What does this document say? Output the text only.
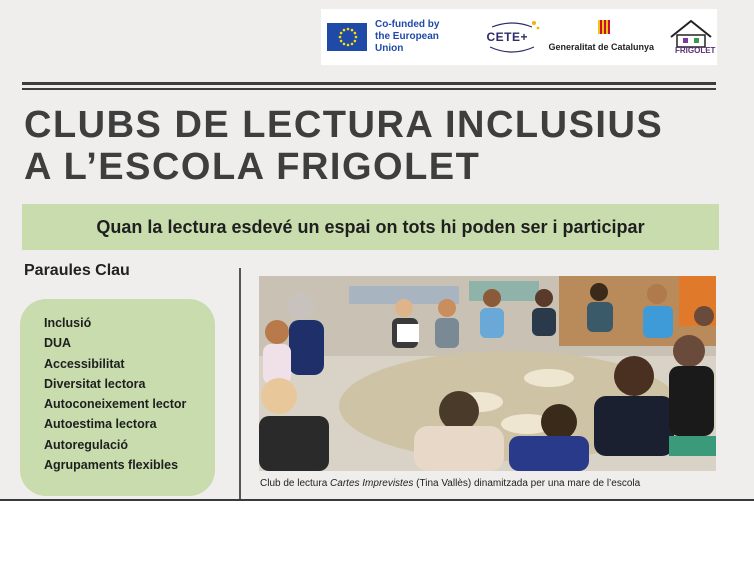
Co-funded by
the European Union
CETE+
Generalitat de Catalunya	FRIGOLET
CLUBS DE LECTURA INCLUSIUS
A L’ESCOLA FRIGOLET
Quan la lectura esdevé un espai on tots hi poden ser i participar
Paraules Clau
Inclusió
DUA
Accessibilitat
Diversitat lectora
Autoconeixement lector
Autoestima lectora
Autoregulació
Agrupaments flexibles
Club de lectura Cartes Imprevistes (Tina Vallès) dinamitzada per una mare de l’escola
